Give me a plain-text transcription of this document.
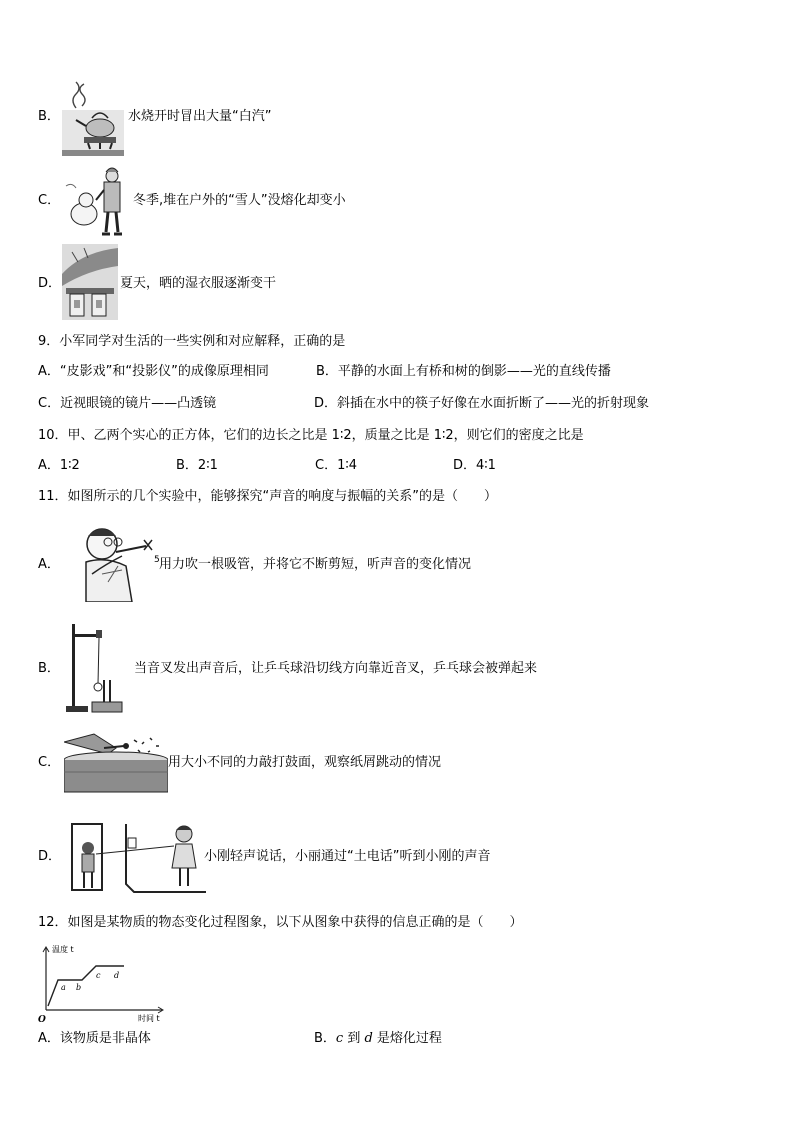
B．	水烧开时冒出大量“白汽”
C．	冬季,堆在户外的“雪人”没熔化却变小
D．	夏天，晒的湿衣服逐渐变干
9．小军同学对生活的一些实例和对应解释，正确的是
A．“皮影戏”和“投影仪”的成像原理相同	B．平静的水面上有桥和树的倒影——光的直线传播
C．近视眼镜的镜片——凸透镜	D．斜插在水中的筷子好像在水面折断了——光的折射现象
10．甲、乙两个实心的正方体，它们的边长之比是 1∶2，质量之比是 1∶2，则它们的密度之比是
A．1∶2	B．2∶1	C．1∶4	D．4∶1
11．如图所示的几个实验中，能够探究“声音的响度与振幅的关系”的是（　　）
A．	5 用力吹一根吸管，并将它不断剪短，听声音的变化情况
B．	当音叉发出声音后，让乒乓球沿切线方向靠近音叉，乒乓球会被弹起来
C．	用大小不同的力敲打鼓面，观察纸屑跳动的情况
D．	小刚轻声说话，小丽通过“土电话”听到小刚的声音
12．如图是某物质的物态变化过程图象，以下从图象中获得的信息正确的是（　　）
温度 t
时间 t
O
a b
c d
A．该物质是非晶体	B．c 到 d 是熔化过程
